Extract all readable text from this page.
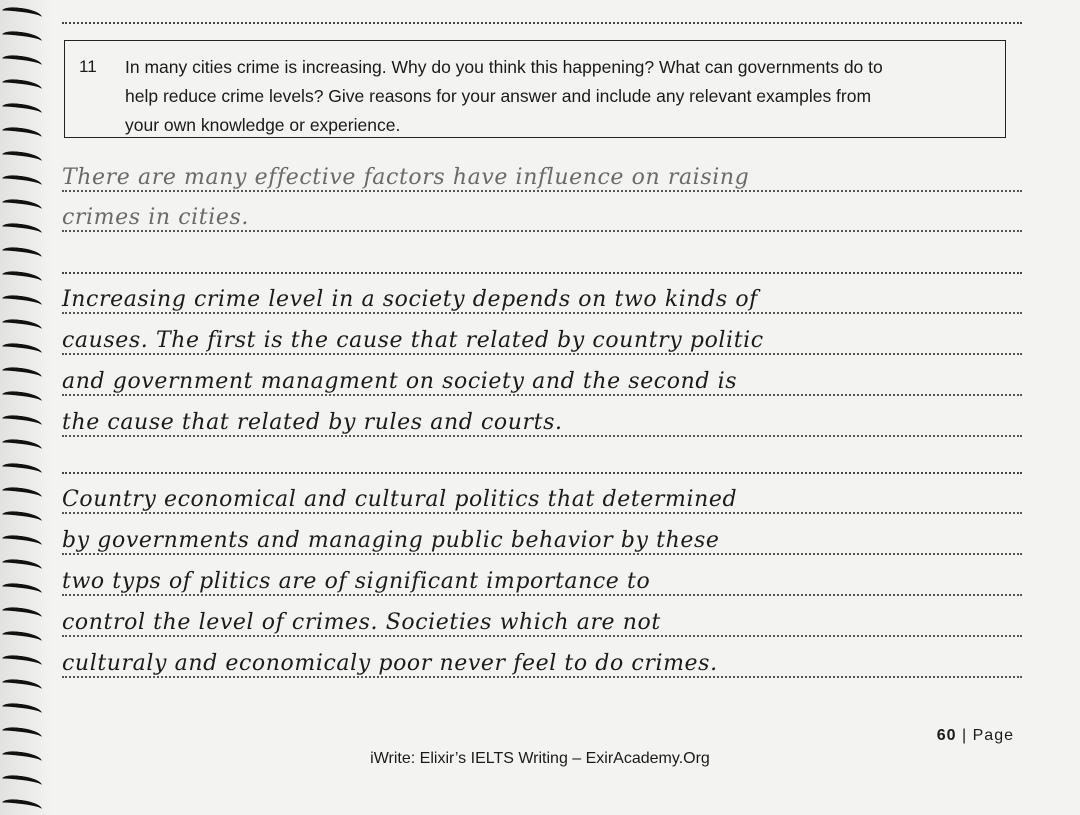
11 In many cities crime is increasing. Why do you think this happening? What can governments do to
help reduce crime levels? Give reasons for your answer and include any relevant examples from
your own knowledge or experience.
There are many effective factors have influence on raising
crimes in cities.
Increasing crime level in a society depends on two kinds of
causes. The first is the cause that related by country politic
and government managment on society and the second is
the cause that related by rules and courts.
Country economical and cultural politics that determined
by governments and managing public behavior by these
two typs of plitics are of significant importance to
control the level of crimes. Societies which are not
culturaly and economicaly poor never feel to do crimes.
60 | Page
iWrite: Elixir’s IELTS Writing – ExirAcademy.Org
